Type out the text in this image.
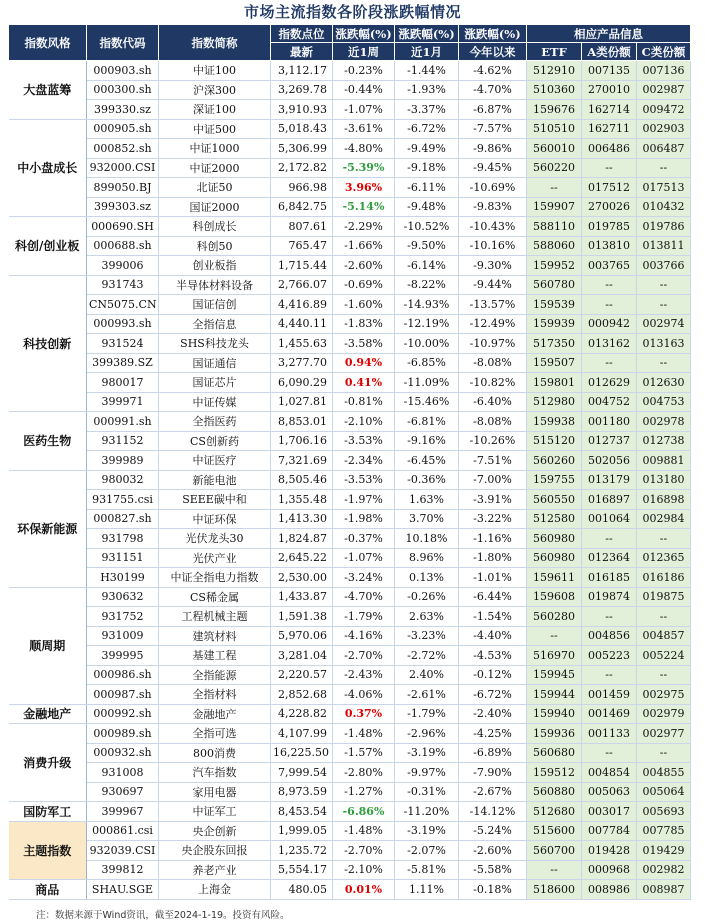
市场主流指数各阶段涨跌幅情况
指数风格	指数代码	指数简称	指数点位	涨跌幅(%)	涨跌幅(%)	涨跌幅(%)	相应产品信息		
			最新	近1周	近1月	今年以来	ETF	A类份额	C类份额
大盘蓝筹	000903.sh	中证100	3,112.17	-0.23%	-1.44%	-4.62%	512910	007135	007136
	000300.sh	沪深300	3,269.78	-0.44%	-1.93%	-4.70%	510360	270010	002987
	399330.sz	深证100	3,910.93	-1.07%	-3.37%	-6.87%	159676	162714	009472
中小盘成长	000905.sh	中证500	5,018.43	-3.61%	-6.72%	-7.57%	510510	162711	002903
	000852.sh	中证1000	5,306.99	-4.80%	-9.49%	-9.86%	560010	006486	006487
	932000.CSI	中证2000	2,172.82	-5.39%	-9.18%	-9.45%	560220	--	--
	899050.BJ	北证50	966.98	3.96%	-6.11%	-10.69%	--	017512	017513
	399303.sz	国证2000	6,842.75	-5.14%	-9.48%	-9.83%	159907	270026	010432
科创/创业板	000690.SH	科创成长	807.61	-2.29%	-10.52%	-10.43%	588110	019785	019786
	000688.sh	科创50	765.47	-1.66%	-9.50%	-10.16%	588060	013810	013811
	399006	创业板指	1,715.44	-2.60%	-6.14%	-9.30%	159952	003765	003766
科技创新	931743	半导体材料设备	2,766.07	-0.69%	-8.22%	-9.44%	560780	--	--
	CN5075.CN	国证信创	4,416.89	-1.60%	-14.93%	-13.57%	159539	--	--
	000993.sh	全指信息	4,440.11	-1.83%	-12.19%	-12.49%	159939	000942	002974
	931524	SHS科技龙头	1,455.63	-3.58%	-10.00%	-10.97%	517350	013162	013163
	399389.SZ	国证通信	3,277.70	0.94%	-6.85%	-8.08%	159507	--	--
	980017	国证芯片	6,090.29	0.41%	-11.09%	-10.82%	159801	012629	012630
	399971	中证传媒	1,027.81	-0.81%	-15.46%	-6.40%	512980	004752	004753
医药生物	000991.sh	全指医药	8,853.01	-2.10%	-6.81%	-8.08%	159938	001180	002978
	931152	CS创新药	1,706.16	-3.53%	-9.16%	-10.26%	515120	012737	012738
	399989	中证医疗	7,321.69	-2.34%	-6.45%	-7.51%	560260	502056	009881
环保新能源	980032	新能电池	8,505.46	-3.53%	-0.36%	-7.00%	159755	013179	013180
	931755.csi	SEEE碳中和	1,355.48	-1.97%	1.63%	-3.91%	560550	016897	016898
	000827.sh	中证环保	1,413.30	-1.98%	3.70%	-3.22%	512580	001064	002984
	931798	光伏龙头30	1,824.87	-0.37%	10.18%	-1.16%	560980	--	--
	931151	光伏产业	2,645.22	-1.07%	8.96%	-1.80%	560980	012364	012365
	H30199	中证全指电力指数	2,530.00	-3.24%	0.13%	-1.01%	159611	016185	016186
顺周期	930632	CS稀金属	1,433.87	-4.70%	-0.26%	-6.44%	159608	019874	019875
	931752	工程机械主题	1,591.38	-1.79%	2.63%	-1.54%	560280	--	--
	931009	建筑材料	5,970.06	-4.16%	-3.23%	-4.40%	--	004856	004857
	399995	基建工程	3,281.04	-2.70%	-2.72%	-4.53%	516970	005223	005224
	000986.sh	全指能源	2,220.57	-2.43%	2.40%	-0.12%	159945	--	--
	000987.sh	全指材料	2,852.68	-4.06%	-2.61%	-6.72%	159944	001459	002975
金融地产	000992.sh	金融地产	4,228.82	0.37%	-1.79%	-2.40%	159940	001469	002979
消费升级	000989.sh	全指可选	4,107.99	-1.48%	-2.96%	-4.25%	159936	001133	002977
	000932.sh	800消费	16,225.50	-1.57%	-3.19%	-6.89%	560680	--	--
	931008	汽车指数	7,999.54	-2.80%	-9.97%	-7.90%	159512	004854	004855
	930697	家用电器	8,973.59	-1.27%	-0.31%	-2.67%	560880	005063	005064
国防军工	399967	中证军工	8,453.54	-6.86%	-11.20%	-14.12%	512680	003017	005693
主题指数	000861.csi	央企创新	1,999.05	-1.48%	-3.19%	-5.24%	515600	007784	007785
	932039.CSI	央企股东回报	1,235.72	-2.70%	-2.07%	-2.60%	560700	019428	019429
	399812	养老产业	5,554.17	-2.10%	-5.81%	-5.58%	--	000968	002982
商品	SHAU.SGE	上海金	480.05	0.01%	1.11%	-0.18%	518600	008986	008987
注：数据来源于Wind资讯，截至2024-1-19。投资有风险。
